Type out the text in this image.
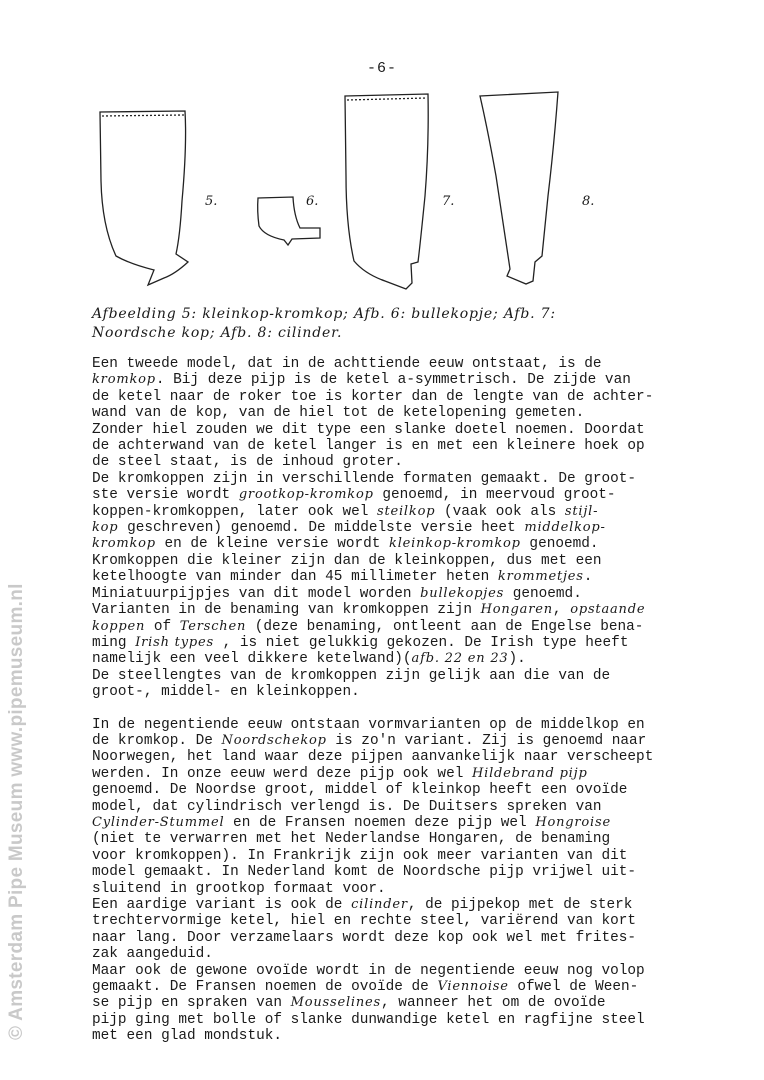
-6-
5.	6.	7.	8.
Afbeelding 5: kleinkop-kromkop; Afb. 6: bullekopje; Afb. 7:
Noordsche kop; Afb. 8: cilinder.
Een tweede model, dat in de achttiende eeuw ontstaat, is de
kromkop. Bij deze pijp is de ketel a-symmetrisch. De zijde van
de ketel naar de roker toe is korter dan de lengte van de achter-
wand van de kop, van de hiel tot de ketelopening gemeten.
Zonder hiel zouden we dit type een slanke doetel noemen. Doordat
de achterwand van de ketel langer is en met een kleinere hoek op
de steel staat, is de inhoud groter.
De kromkoppen zijn in verschillende formaten gemaakt. De groot-
ste versie wordt grootkop-kromkop genoemd, in meervoud groot-
koppen-kromkoppen, later ook wel steilkop (vaak ook als stijl-
kop geschreven) genoemd. De middelste versie heet middelkop-
kromkop en de kleine versie wordt kleinkop-kromkop genoemd.
Kromkoppen die kleiner zijn dan de kleinkoppen, dus met een
ketelhoogte van minder dan 45 millimeter heten krommetjes.
Miniatuurpijpjes van dit model worden bullekopjes genoemd.
Varianten in de benaming van kromkoppen zijn Hongaren, opstaande
koppen of Terschen (deze benaming, ontleent aan de Engelse bena-
ming Irish types , is niet gelukkig gekozen. De Irish type heeft
namelijk een veel dikkere ketelwand)(afb. 22 en 23).
De steellengtes van de kromkoppen zijn gelijk aan die van de
groot-, middel- en kleinkoppen.
In de negentiende eeuw ontstaan vormvarianten op de middelkop en
de kromkop. De Noordschekop is zo'n variant. Zij is genoemd naar
Noorwegen, het land waar deze pijpen aanvankelijk naar verscheept
werden. In onze eeuw werd deze pijp ook wel Hildebrand pijp
genoemd. De Noordse groot, middel of kleinkop heeft een ovoïde
model, dat cylindrisch verlengd is. De Duitsers spreken van
Cylinder-Stummel en de Fransen noemen deze pijp wel Hongroise
(niet te verwarren met het Nederlandse Hongaren, de benaming
voor kromkoppen). In Frankrijk zijn ook meer varianten van dit
model gemaakt. In Nederland komt de Noordsche pijp vrijwel uit-
sluitend in grootkop formaat voor.
Een aardige variant is ook de cilinder, de pijpekop met de sterk
trechtervormige ketel, hiel en rechte steel, variërend van kort
naar lang. Door verzamelaars wordt deze kop ook wel met frites-
zak aangeduid.
Maar ook de gewone ovoïde wordt in de negentiende eeuw nog volop
gemaakt. De Fransen noemen de ovoïde de Viennoise ofwel de Ween-
se pijp en spraken van Mousselines, wanneer het om de ovoïde
pijp ging met bolle of slanke dunwandige ketel en ragfijne steel
met een glad mondstuk.
© Amsterdam Pipe Museum www.pipemuseum.nl
